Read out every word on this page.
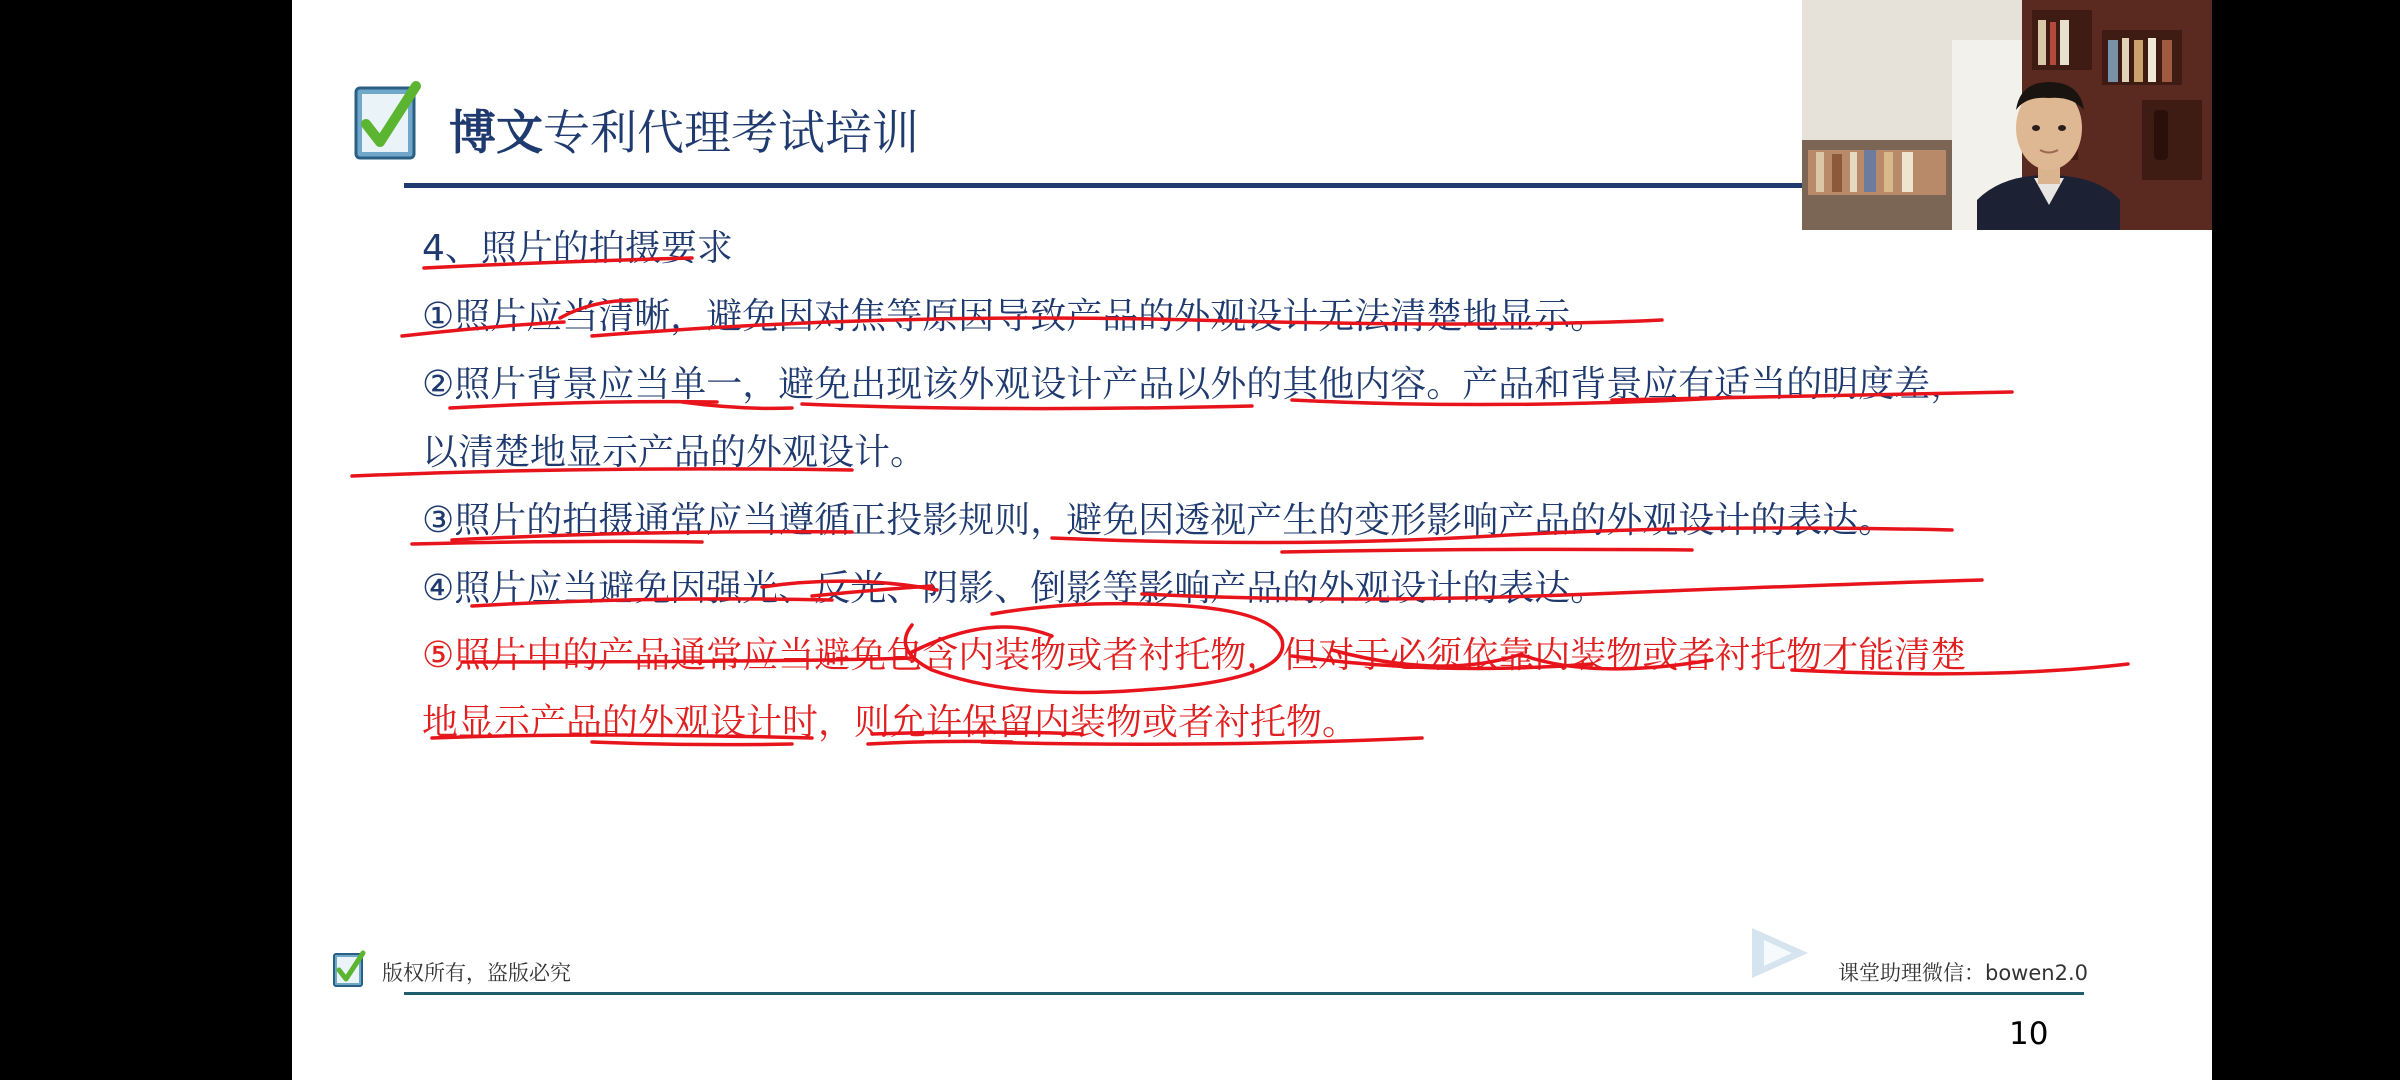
博文专利代理考试培训
4、照片的拍摄要求
①照片应当清晰，避免因对焦等原因导致产品的外观设计无法清楚地显示。
②照片背景应当单一，避免出现该外观设计产品以外的其他内容。产品和背景应有适当的明度差，
以清楚地显示产品的外观设计。
③照片的拍摄通常应当遵循正投影规则，避免因透视产生的变形影响产品的外观设计的表达。
④照片应当避免因强光、反光、阴影、倒影等影响产品的外观设计的表达。
⑤照片中的产品通常应当避免包含内装物或者衬托物，但对于必须依靠内装物或者衬托物才能清楚
地显示产品的外观设计时，则允许保留内装物或者衬托物。
版权所有，盗版必究	课堂助理微信：bowen2.0
10
